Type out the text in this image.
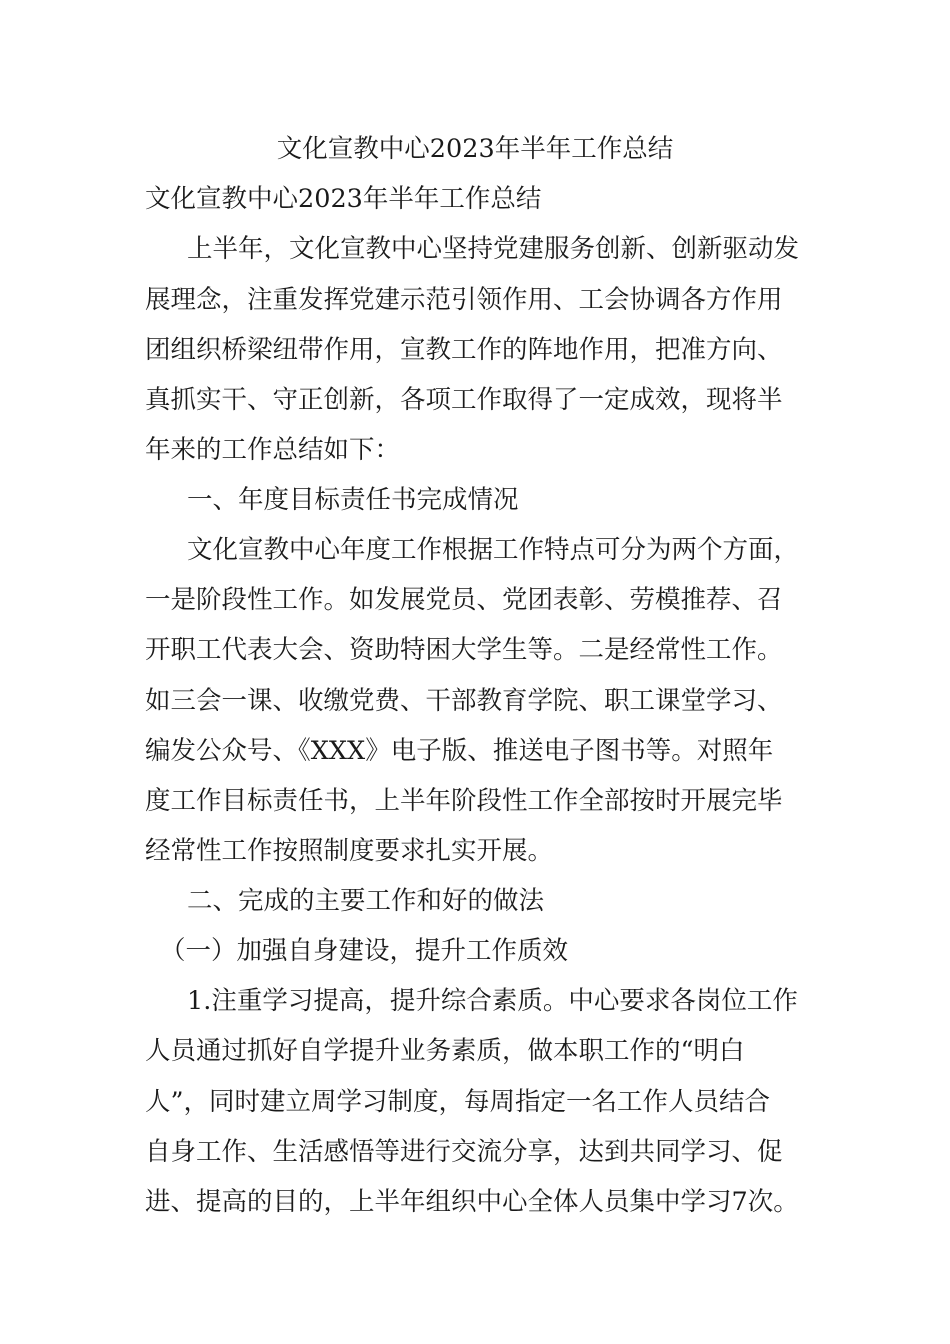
文化宣教中心2023年半年工作总结

文化宣教中心2023年半年工作总结

上半年，文化宣教中心坚持党建服务创新、创新驱动发

展理念，注重发挥党建示范引领作用、工会协调各方作用

团组织桥梁纽带作用，宣教工作的阵地作用，把准方向、

真抓实干、守正创新，各项工作取得了一定成效，现将半

年来的工作总结如下：

一、年度目标责任书完成情况

文化宣教中心年度工作根据工作特点可分为两个方面，

一是阶段性工作。如发展党员、党团表彰、劳模推荐、召

开职工代表大会、资助特困大学生等。二是经常性工作。

如三会一课、收缴党费、干部教育学院、职工课堂学习、

编发公众号、《XXX》电子版、推送电子图书等。对照年

度工作目标责任书，上半年阶段性工作全部按时开展完毕

经常性工作按照制度要求扎实开展。

二、完成的主要工作和好的做法

（一）加强自身建设，提升工作质效

1.注重学习提高，提升综合素质。中心要求各岗位工作

人员通过抓好自学提升业务素质，做本职工作的“明白

人”，同时建立周学习制度，每周指定一名工作人员结合

自身工作、生活感悟等进行交流分享，达到共同学习、促

进、提高的目的，上半年组织中心全体人员集中学习7次。
